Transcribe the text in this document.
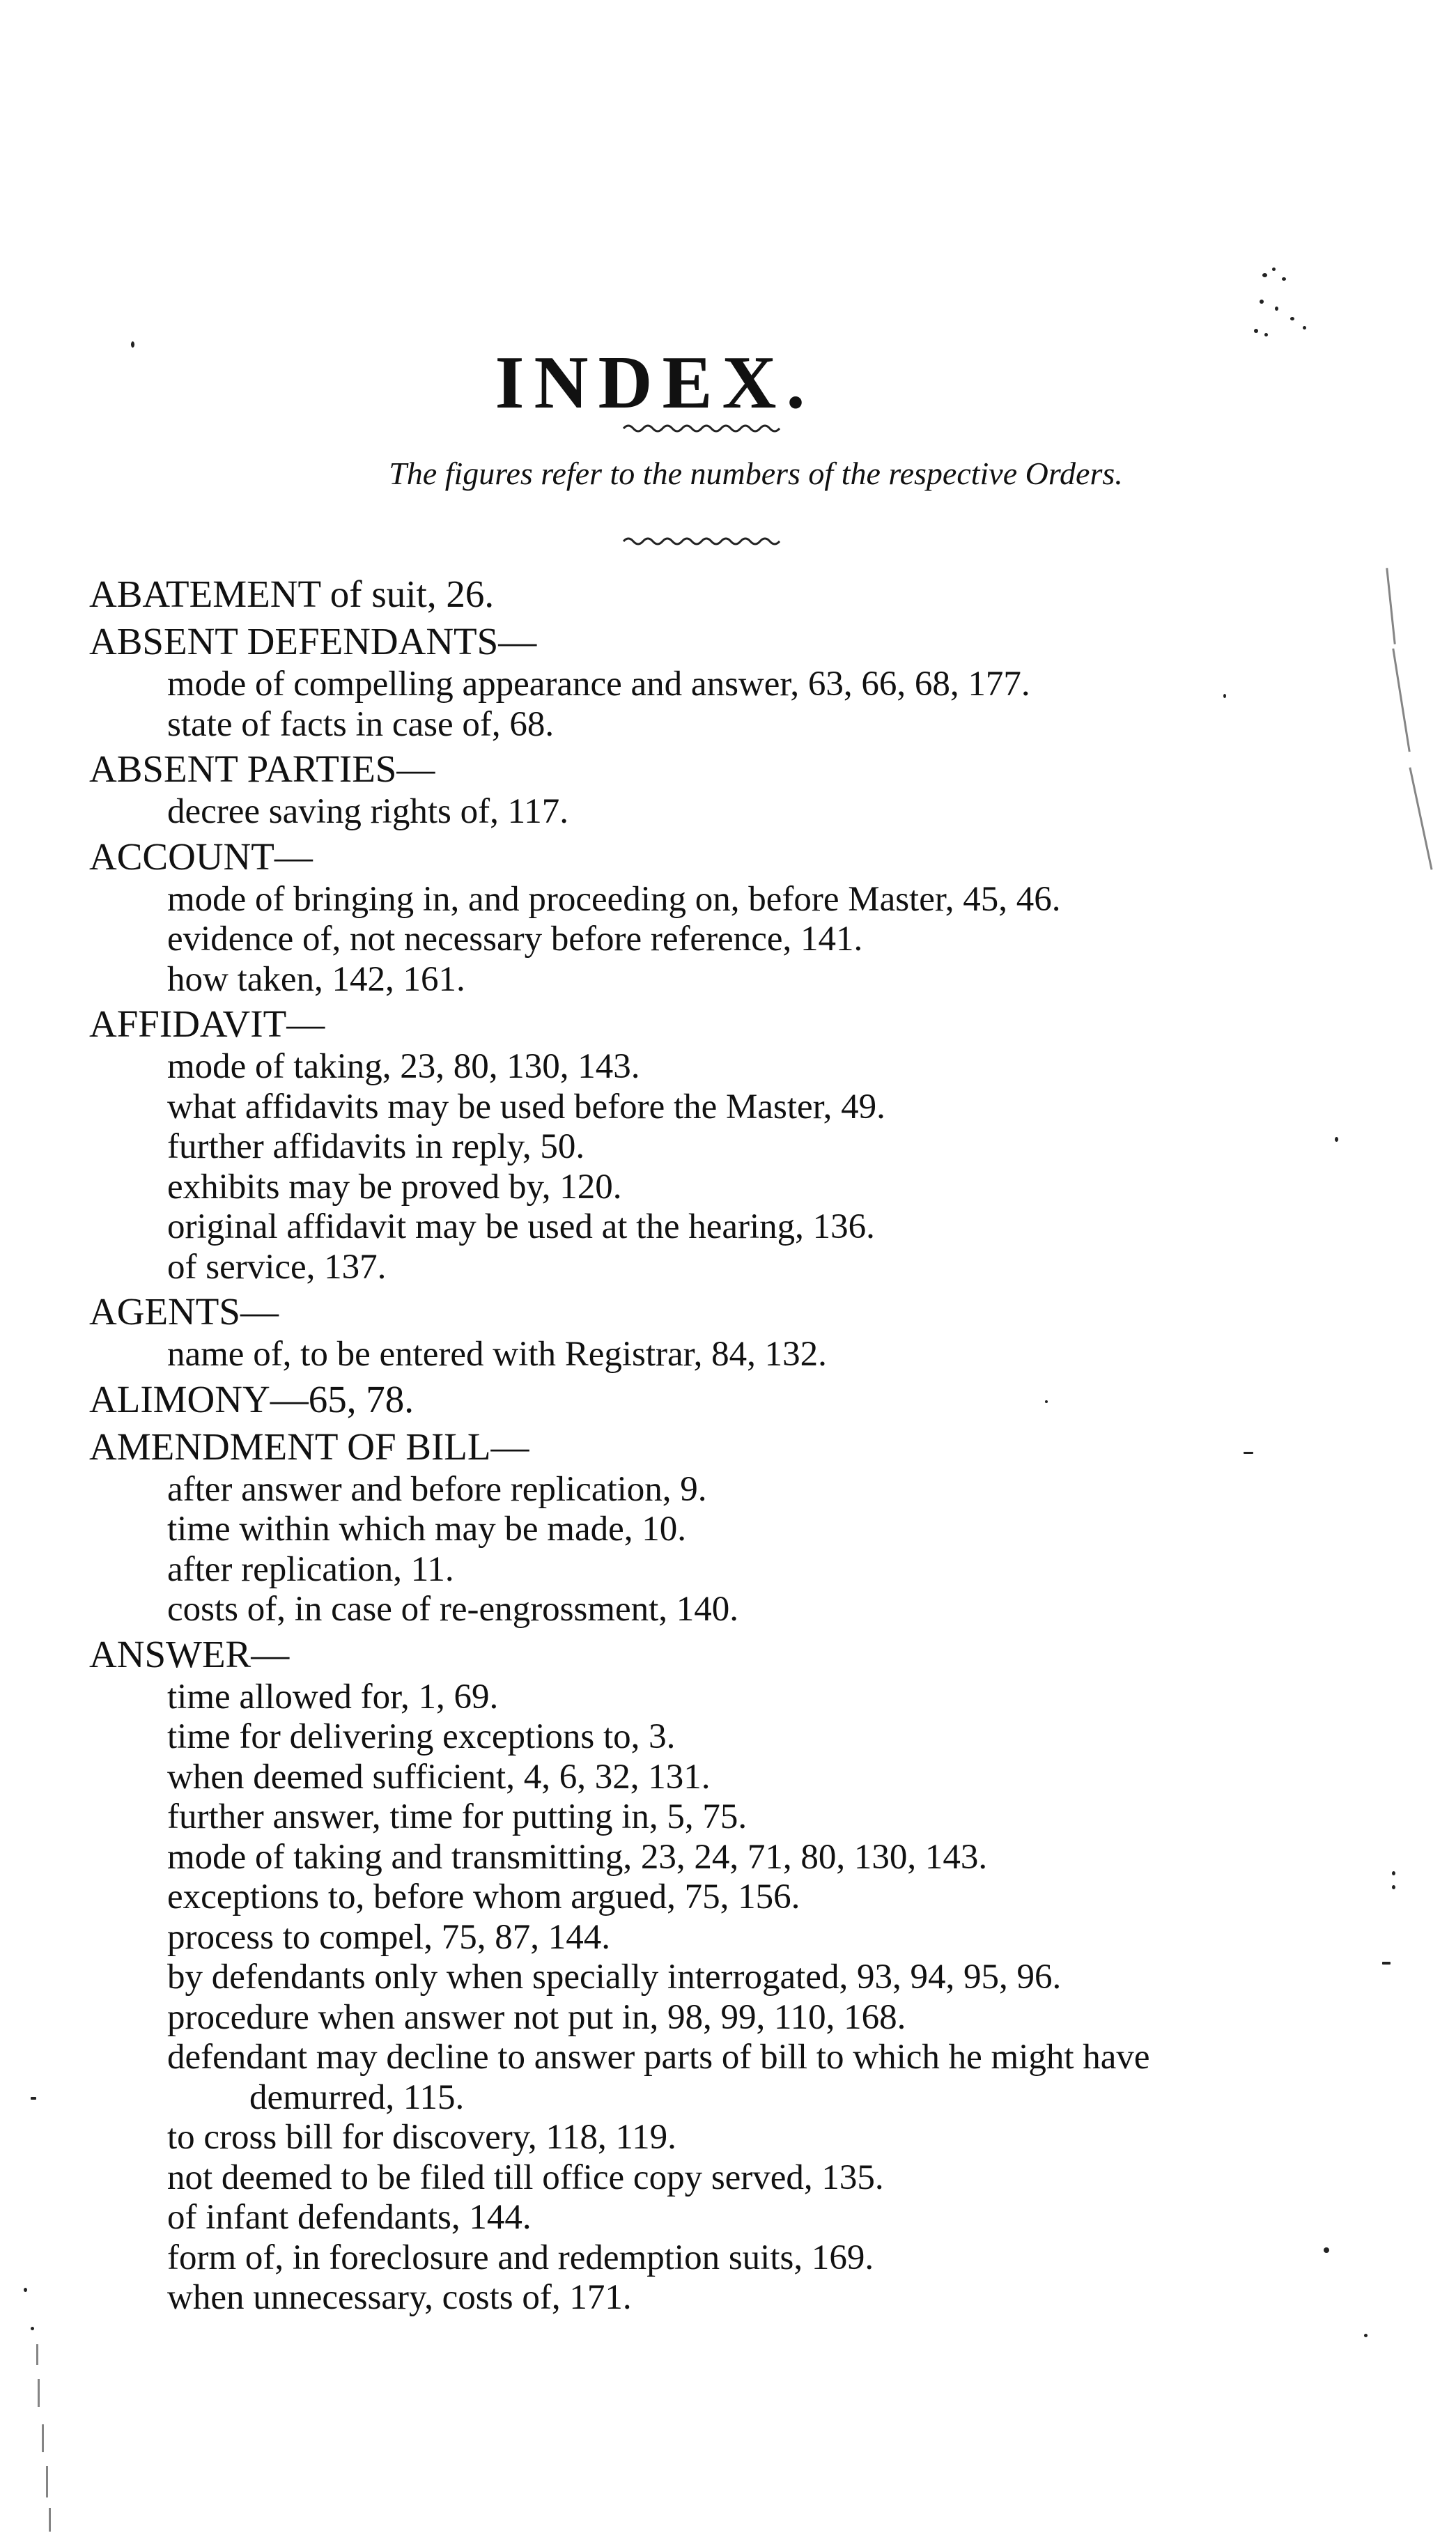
INDEX.
The figures refer to the numbers of the respective Orders.
ABATEMENT of suit, 26.
ABSENT DEFENDANTS—
mode of compelling appearance and answer, 63, 66, 68, 177.
state of facts in case of, 68.
ABSENT PARTIES—
decree saving rights of, 117.
ACCOUNT—
mode of bringing in, and proceeding on, before Master, 45, 46.
evidence of, not necessary before reference, 141.
how taken, 142, 161.
AFFIDAVIT—
mode of taking, 23, 80, 130, 143.
what affidavits may be used before the Master, 49.
further affidavits in reply, 50.
exhibits may be proved by, 120.
original affidavit may be used at the hearing, 136.
of service, 137.
AGENTS—
name of, to be entered with Registrar, 84, 132.
ALIMONY—65, 78.
AMENDMENT OF BILL—
after answer and before replication, 9.
time within which may be made, 10.
after replication, 11.
costs of, in case of re-engrossment, 140.
ANSWER—
time allowed for, 1, 69.
time for delivering exceptions to, 3.
when deemed sufficient, 4, 6, 32, 131.
further answer, time for putting in, 5, 75.
mode of taking and transmitting, 23, 24, 71, 80, 130, 143.
exceptions to, before whom argued, 75, 156.
process to compel, 75, 87, 144.
by defendants only when specially interrogated, 93, 94, 95, 96.
procedure when answer not put in, 98, 99, 110, 168.
defendant may decline to answer parts of bill to which he might have
demurred, 115.
to cross bill for discovery, 118, 119.
not deemed to be filed till office copy served, 135.
of infant defendants, 144.
form of, in foreclosure and redemption suits, 169.
when unnecessary, costs of, 171.
